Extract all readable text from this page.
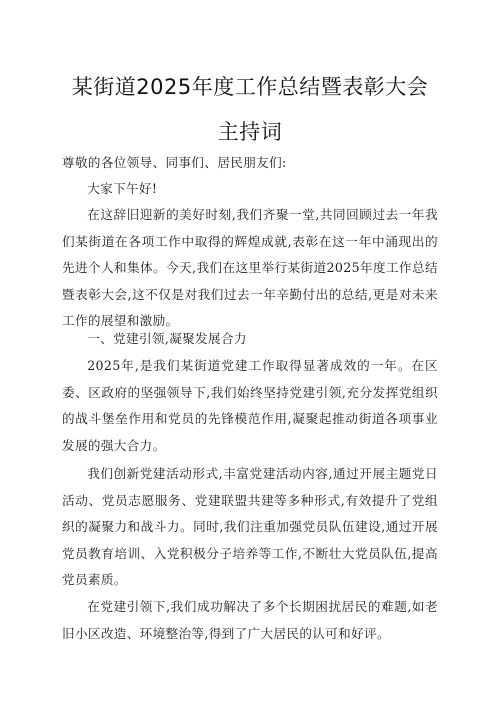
某街道2025年度工作总结暨表彰大会
主持词

尊敬的各位领导、同事们、居民朋友们:

大家下午好!

在这辞旧迎新的美好时刻,我们齐聚一堂,共同回顾过去一年我们某街道在各项工作中取得的辉煌成就,表彰在这一年中涌现出的先进个人和集体。今天,我们在这里举行某街道2025年度工作总结暨表彰大会,这不仅是对我们过去一年辛勤付出的总结,更是对未来工作的展望和激励。

一、党建引领,凝聚发展合力

2025年,是我们某街道党建工作取得显著成效的一年。在区委、区政府的坚强领导下,我们始终坚持党建引领,充分发挥党组织的战斗堡垒作用和党员的先锋模范作用,凝聚起推动街道各项事业发展的强大合力。

我们创新党建活动形式,丰富党建活动内容,通过开展主题党日活动、党员志愿服务、党建联盟共建等多种形式,有效提升了党组织的凝聚力和战斗力。同时,我们注重加强党员队伍建设,通过开展党员教育培训、入党积极分子培养等工作,不断壮大党员队伍,提高党员素质。

在党建引领下,我们成功解决了多个长期困扰居民的难题,如老旧小区改造、环境整治等,得到了广大居民的认可和好评。
